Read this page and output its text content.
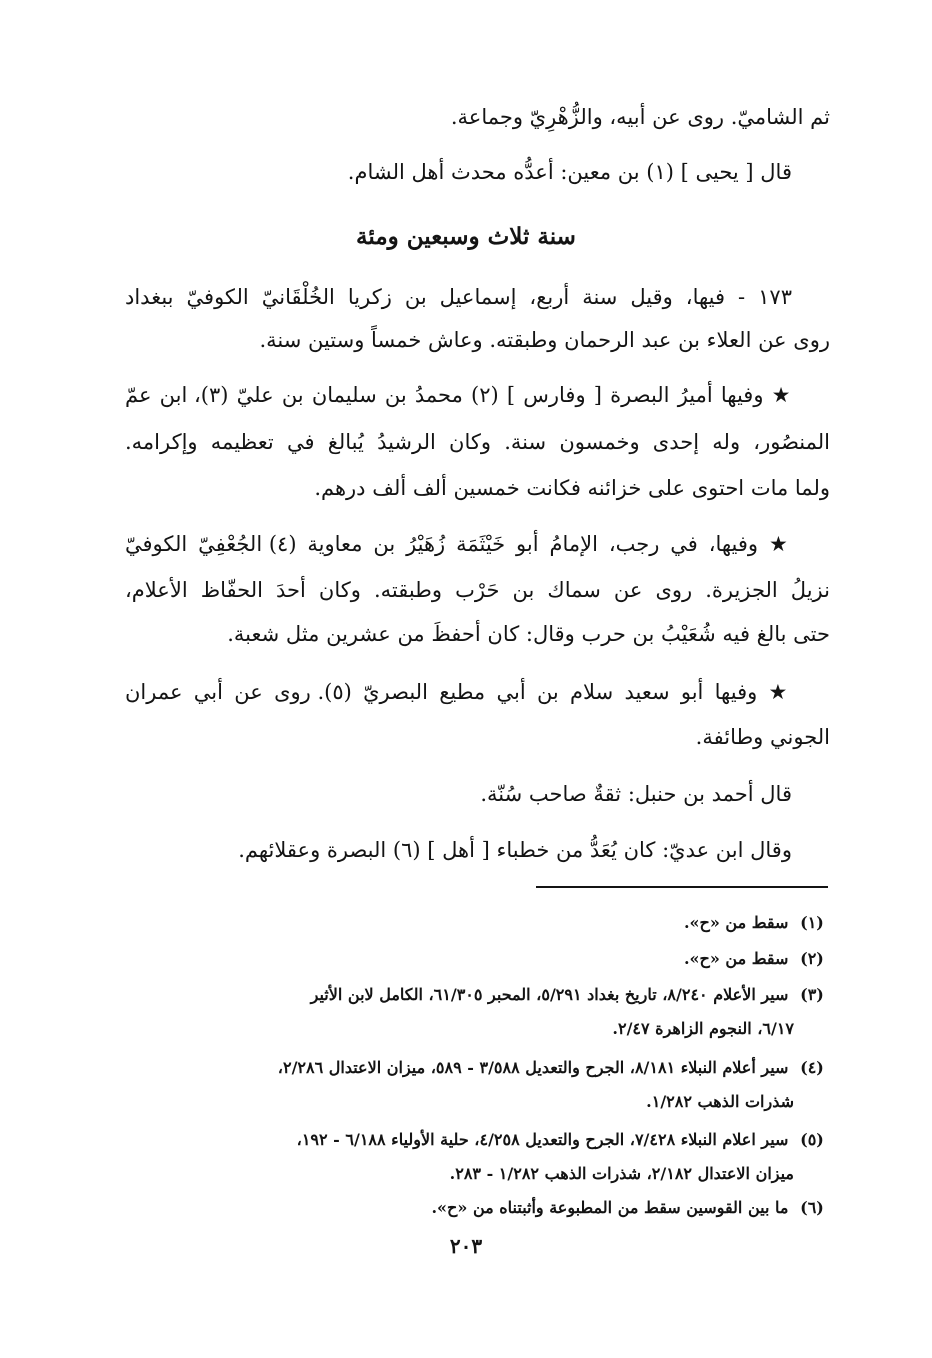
ثم الشاميّ. روى عن أبيه، والزُّهْرِيّ وجماعة.
قال [ يحيى ] (١) بن معين: أعدُّه محدث أهل الشام.
سنة ثلاث وسبعين ومئة
١٧٣ - فيها، وقيل سنة أربع، إسماعيل بن زكريا الخُلْقَانيّ الكوفيّ ببغداد
روى عن العلاء بن عبد الرحمان وطبقته. وعاش خمساً وستين سنة.
★ وفيها أميرُ البصرة [ وفارس ] (٢) محمدُ بن سليمان بن عليّ (٣)، ابن عمّ
المنصُور، وله إحدى وخمسون سنة. وكان الرشيدُ يُبالغ في تعظيمه وإكرامه.
ولما مات احتوى على خزائنه فكانت خمسين ألف ألف درهم.
★ وفيها، في رجب، الإمامُ أبو خَيْثَمَة زُهَيْرُ بن معاوية (٤) الجُعْفِيّ الكوفيّ
نزيلُ الجزيرة. روى عن سماك بن حَرْب وطبقته. وكان أحدَ الحفّاظ الأعلام،
حتى بالغ فيه شُعَيْبُ بن حرب وقال: كان أحفظَ من عشرين مثل شعبة.
★ وفيها أبو سعيد سلام بن أبي مطيع البصريّ (٥). روى عن أبي عمران
الجوني وطائفة.
قال أحمد بن حنبل: ثقةٌ صاحب سُنّة.
وقال ابن عديّ: كان يُعَدُّ من خطباء [ أهل ] (٦) البصرة وعقلائهم.
(١) سقط من «ح».
(٢) سقط من «ح».
(٣) سير الأعلام ٨/٢٤٠، تاريخ بغداد ٥/٢٩١، المحبر ٦١/٣٠٥، الكامل لابن الأثير
٦/١٧، النجوم الزاهرة ٢/٤٧.
(٤) سير أعلام النبلاء ٨/١٨١، الجرح والتعديل ٣/٥٨٨ - ٥٨٩، ميزان الاعتدال ٢/٢٨٦،
شذرات الذهب ١/٢٨٢.
(٥) سير اعلام النبلاء ٧/٤٢٨، الجرح والتعديل ٤/٢٥٨، حلية الأولياء ٦/١٨٨ - ١٩٢،
ميزان الاعتدال ٢/١٨٢، شذرات الذهب ١/٢٨٢ - ٢٨٣.
(٦) ما بين القوسين سقط من المطبوعة وأثبتناه من «ح».
٢٠٣
